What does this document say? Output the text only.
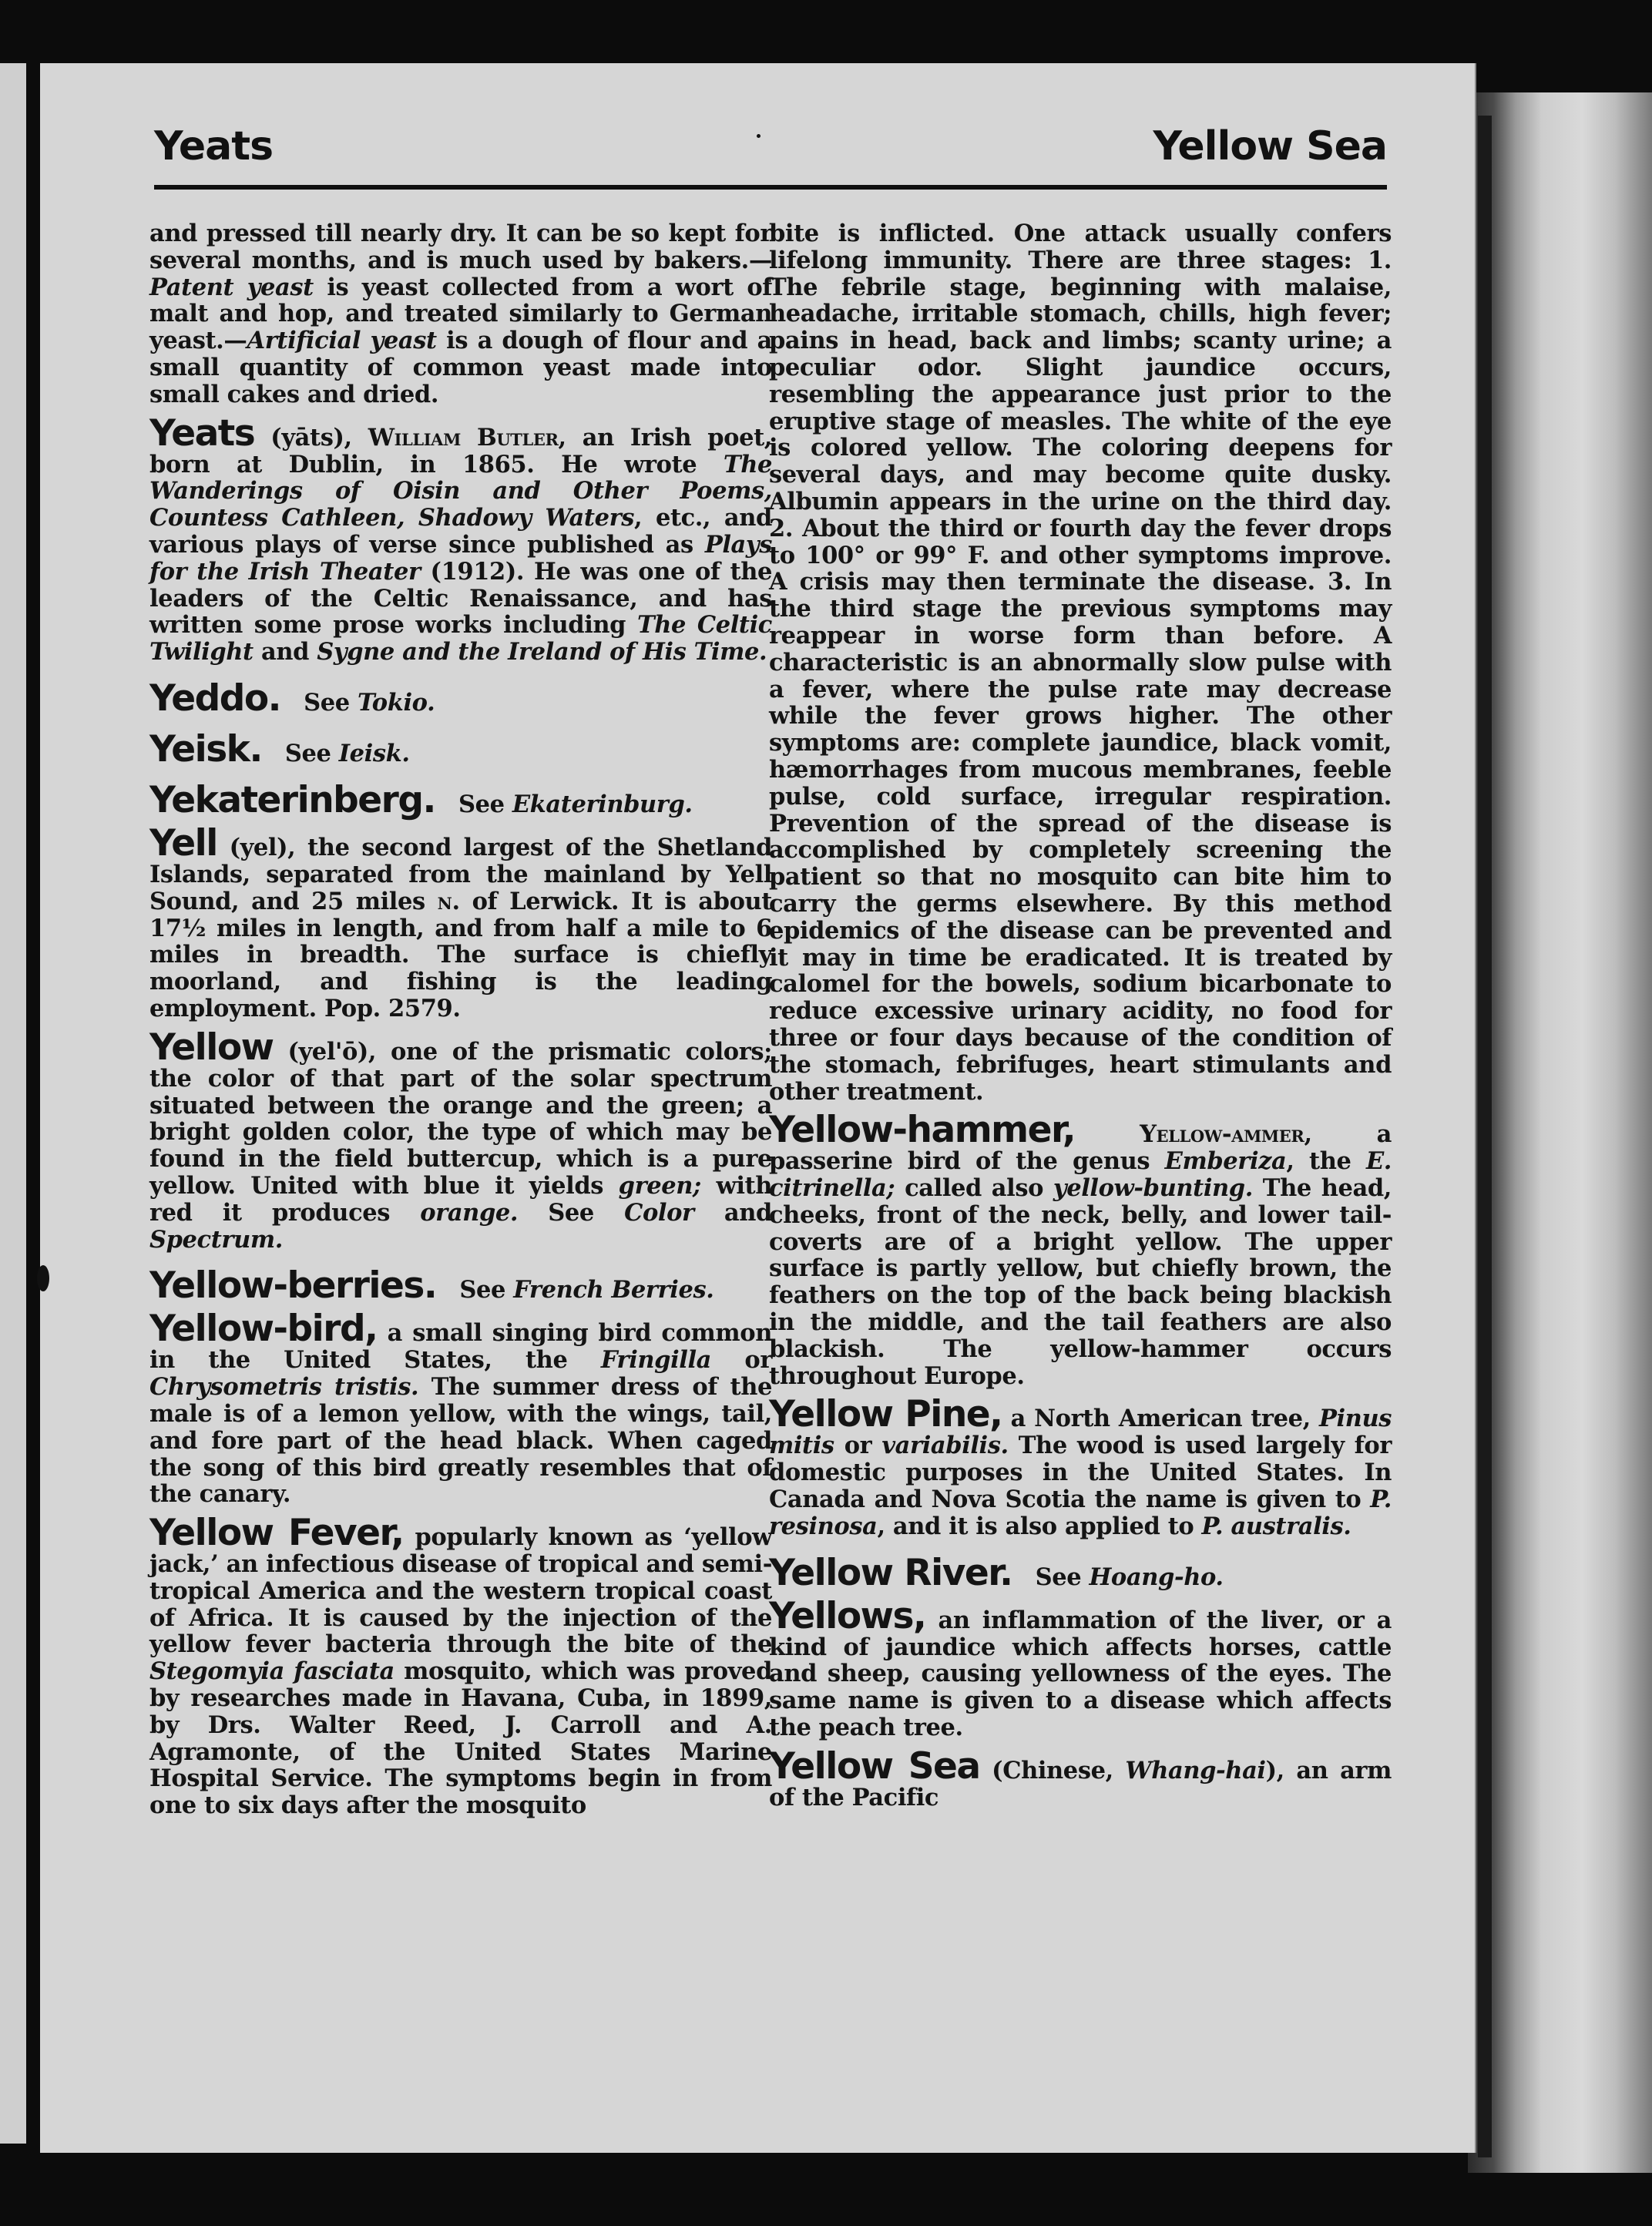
Yeats	Yellow Sea

and pressed till nearly dry. It can be so kept for several months, and is much used by bakers.—Patent yeast is yeast collected from a wort of malt and hop, and treated similarly to German yeast.—Artificial yeast is a dough of flour and a small quantity of common yeast made into small cakes and dried.

Yeats (yāts), William Butler, an Irish poet, born at Dublin, in 1865. He wrote The Wanderings of Oisin and Other Poems, Countess Cathleen, Shadowy Waters, etc., and various plays of verse since published as Plays for the Irish Theater (1912). He was one of the leaders of the Celtic Renaissance, and has written some prose works including The Celtic Twilight and Sygne and the Ireland of His Time.

Yeddo.  See Tokio.

Yeisk.  See Ieisk.

Yekaterinberg.  See Ekaterinburg.

Yell (yel), the second largest of the Shetland Islands, separated from the mainland by Yell Sound, and 25 miles n. of Lerwick. It is about 17½ miles in length, and from half a mile to 6 miles in breadth. The surface is chiefly moorland, and fishing is the leading employment. Pop. 2579.

Yellow (yel'ō), one of the prismatic colors; the color of that part of the solar spectrum situated between the orange and the green; a bright golden color, the type of which may be found in the field buttercup, which is a pure yellow. United with blue it yields green; with red it produces orange. See Color and Spectrum.

Yellow-berries.  See French Berries.

Yellow-bird, a small singing bird common in the United States, the Fringilla or Chrysometris tristis. The summer dress of the male is of a lemon yellow, with the wings, tail, and fore part of the head black. When caged the song of this bird greatly resembles that of the canary.

Yellow Fever, popularly known as ‘yellow jack,’ an infectious disease of tropical and semi-tropical America and the western tropical coast of Africa. It is caused by the injection of the yellow fever bacteria through the bite of the Stegomyia fasciata mosquito, which was proved by researches made in Havana, Cuba, in 1899, by Drs. Walter Reed, J. Carroll and A. Agramonte, of the United States Marine Hospital Service. The symptoms begin in from one to six days after the mosquito

bite is inflicted. One attack usually confers lifelong immunity. There are three stages: 1. The febrile stage, beginning with malaise, headache, irritable stomach, chills, high fever; pains in head, back and limbs; scanty urine; a peculiar odor. Slight jaundice occurs, resembling the appearance just prior to the eruptive stage of measles. The white of the eye is colored yellow. The coloring deepens for several days, and may become quite dusky. Albumin appears in the urine on the third day. 2. About the third or fourth day the fever drops to 100° or 99° F. and other symptoms improve. A crisis may then terminate the disease. 3. In the third stage the previous symptoms may reappear in worse form than before. A characteristic is an abnormally slow pulse with a fever, where the pulse rate may decrease while the fever grows higher. The other symptoms are: complete jaundice, black vomit, hæmorrhages from mucous membranes, feeble pulse, cold surface, irregular respiration. Prevention of the spread of the disease is accomplished by completely screening the patient so that no mosquito can bite him to carry the germs elsewhere. By this method epidemics of the disease can be prevented and it may in time be eradicated. It is treated by calomel for the bowels, sodium bicarbonate to reduce excessive urinary acidity, no food for three or four days because of the condition of the stomach, febrifuges, heart stimulants and other treatment.

Yellow-hammer,	Yellow-ammer, a passerine bird of the genus Emberiza, the E. citrinella; called also yellow-bunting. The head, cheeks, front of the neck, belly, and lower tail-coverts are of a bright yellow. The upper surface is partly yellow, but chiefly brown, the feathers on the top of the back being blackish in the middle, and the tail feathers are also blackish. The yellow-hammer occurs throughout Europe.

Yellow Pine, a North American tree, Pinus mitis or variabilis. The wood is used largely for domestic purposes in the United States. In Canada and Nova Scotia the name is given to P. resinosa, and it is also applied to P. australis.

Yellow River.  See Hoang-ho.

Yellows, an inflammation of the liver, or a kind of jaundice which affects horses, cattle and sheep, causing yellowness of the eyes. The same name is given to a disease which affects the peach tree.

Yellow Sea (Chinese, Whang-hai), an arm of the Pacific
